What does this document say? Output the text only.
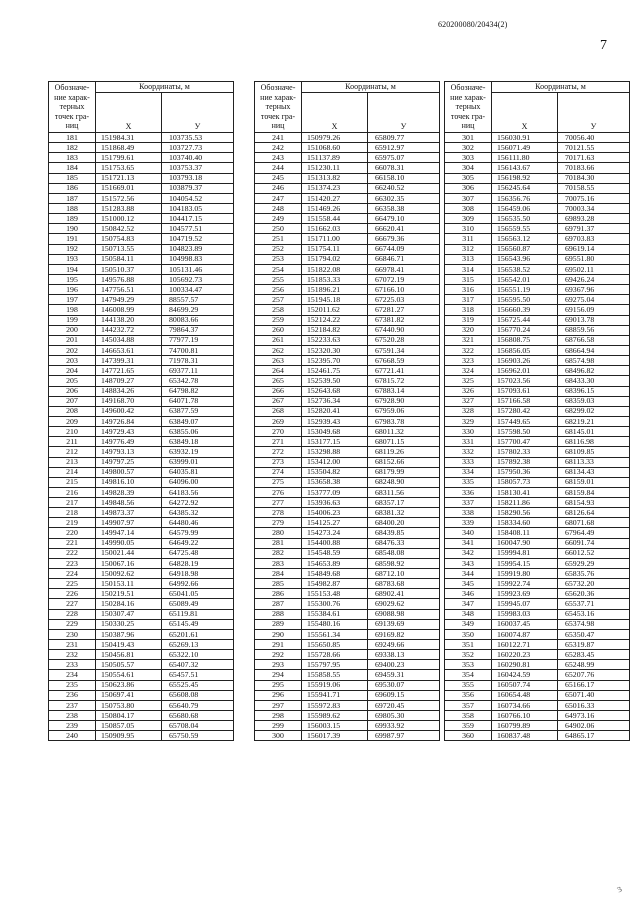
620200080/20434(2)
7
Обозначе-
ние харак-
терных
точек гра-
ниц	Координаты, м	
	Х	У
181	151984.31	103735.53
182	151868.49	103727.73
183	151799.61	103740.40
184	151753.65	103753.37
185	151721.13	103793.18
186	151669.01	103879.37
187	151572.56	104054.52
188	151283.88	104183.05
189	151000.12	104417.15
190	150842.52	104577.51
191	150754.83	104719.52
192	150713.55	104823.89
193	150584.11	104998.83
194	150510.37	105131.46
195	149576.88	105692.73
196	147756.51	100334.47
197	147949.29	88557.57
198	146008.99	84699.29
199	144138.20	80083.66
200	144232.72	79864.37
201	145034.88	77977.19
202	146653.61	74700.81
203	147399.31	71978.31
204	147721.65	69377.11
205	148709.27	65342.78
206	148834.26	64798.82
207	149168.70	64071.78
208	149600.42	63877.59
209	149726.84	63849.07
210	149729.43	63855.06
211	149776.49	63849.18
212	149793.13	63932.19
213	149797.25	63999.01
214	149800.57	64035.81
215	149816.10	64096.00
216	149828.39	64183.56
217	149848.56	64272.92
218	149873.37	64385.32
219	149907.97	64480.46
220	149947.14	64579.99
221	149990.05	64649.22
222	150021.44	64725.48
223	150067.16	64828.19
224	150092.62	64918.98
225	150153.11	64992.66
226	150219.51	65041.05
227	150284.16	65089.49
228	150307.47	65119.81
229	150330.25	65145.49
230	150387.96	65201.61
231	150419.43	65269.13
232	150456.81	65322.10
233	150505.57	65407.32
234	150554.61	65457.51
235	150623.86	65525.45
236	150697.41	65608.08
237	150753.80	65640.79
238	150804.17	65680.68
239	150857.05	65708.04
240	150909.95	65750.59
Обозначе-
ние харак-
терных
точек гра-
ниц	Координаты, м	
	Х	У
241	150979.26	65809.77
242	151068.60	65912.97
243	151137.89	65975.07
244	151230.11	66078.31
245	151313.82	66158.10
246	151374.23	66240.52
247	151420.27	66302.35
248	151469.26	66358.38
249	151558.44	66479.10
250	151662.03	66620.41
251	151711.00	66679.36
252	151754.11	66744.09
253	151794.02	66846.71
254	151822.08	66978.41
255	151853.33	67072.19
256	151896.21	67166.10
257	151945.18	67225.03
258	152011.62	67281.27
259	152124.22	67381.82
260	152184.82	67440.90
261	152233.63	67520.28
262	152320.30	67591.34
263	152395.70	67668.59
264	152461.75	67721.41
265	152539.50	67815.72
266	152643.68	67883.14
267	152736.34	67928.90
268	152820.41	67959.06
269	152939.43	67983.78
270	153049.68	68011.32
271	153177.15	68071.15
272	153298.88	68119.26
273	153412.00	68152.66
274	153504.82	68179.99
275	153658.38	68248.90
276	153777.09	68311.56
277	153936.63	68357.17
278	154006.23	68381.32
279	154125.27	68400.20
280	154273.24	68439.85
281	154400.88	68476.33
282	154548.59	68548.08
283	154653.89	68598.92
284	154849.68	68712.10
285	154982.87	68783.68
286	155153.48	68902.41
287	155300.76	69029.62
288	155384.61	69088.98
289	155480.16	69139.69
290	155561.34	69169.82
291	155650.85	69249.66
292	155728.66	69338.13
293	155797.95	69400.23
294	155858.55	69459.31
295	155919.06	69530.07
296	155941.71	69609.15
297	155972.83	69720.45
298	155989.62	69805.30
299	156003.15	69933.92
300	156017.39	69987.97
Обозначе-
ние харак-
терных
точек гра-
ниц	Координаты, м	
	Х	У
301	156030.91	70056.40
302	156071.49	70121.55
303	156111.80	70171.63
304	156143.67	70183.66
305	156198.92	70184.30
306	156245.64	70158.55
307	156356.76	70075.16
308	156459.06	70003.34
309	156535.50	69893.28
310	156559.55	69791.37
311	156563.12	69703.83
312	156560.87	69619.14
313	156543.96	69551.80
314	156538.52	69502.11
315	156542.01	69426.24
316	156551.19	69367.96
317	156595.50	69275.04
318	156660.39	69156.09
319	156725.44	69013.78
320	156770.24	68859.56
321	156808.75	68766.58
322	156856.05	68664.94
323	156903.26	68574.98
324	156962.01	68496.82
325	157023.56	68433.30
326	157093.61	68396.15
327	157166.58	68359.03
328	157280.42	68299.02
329	157449.65	68219.21
330	157598.50	68145.01
331	157700.47	68116.98
332	157802.33	68109.85
333	157892.38	68113.33
334	157950.36	68134.43
335	158057.73	68159.01
336	158130.41	68159.84
337	158211.86	68154.93
338	158290.56	68126.64
339	158334.60	68071.68
340	158408.11	67964.49
341	160047.90	66091.74
342	159994.81	66012.52
343	159954.15	65929.29
344	159919.80	65835.76
345	159922.74	65732.20
346	159923.69	65620.36
347	159945.07	65537.71
348	159983.03	65453.16
349	160037.45	65374.98
350	160074.87	65350.47
351	160122.71	65319.87
352	160220.23	65283.45
353	160290.81	65248.99
354	160424.59	65207.76
355	160507.74	65166.17
356	160654.48	65071.40
357	160734.66	65016.33
358	160766.10	64973.16
359	160799.89	64902.06
360	160837.48	64865.17
ɜ
